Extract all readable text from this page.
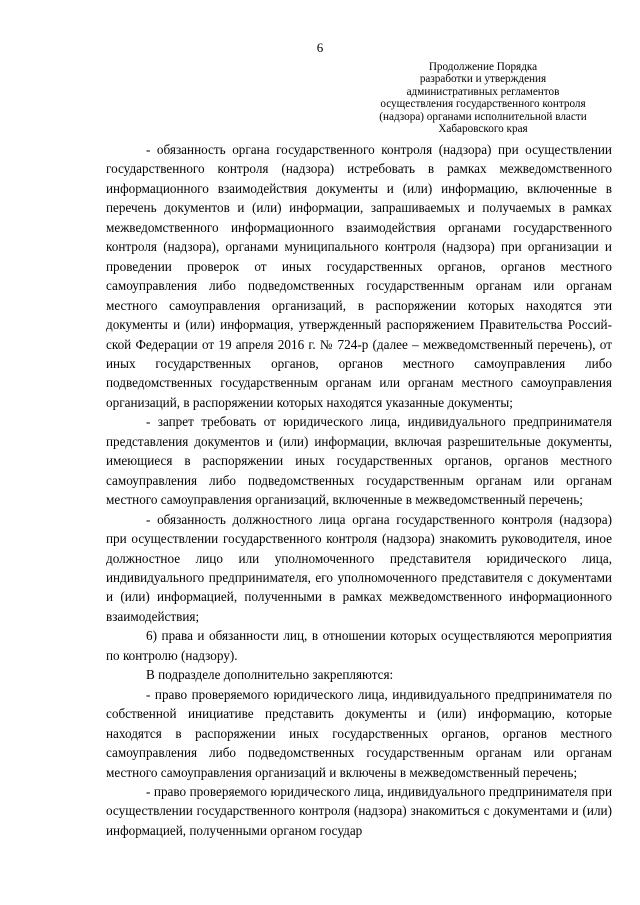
6
Продолжение Порядка
разработки и утверждения
административных регламентов
осуществления государственного контроля
(надзора) органами исполнительной власти
Хабаровского края

- обязанность органа государственного контроля (надзора) при осуществлении государственного контроля (надзора) истребовать в рамках межведомственного информационного взаимодействия документы и (или) информацию, включенные в перечень документов и (или) информации, запрашиваемых и получаемых в рамках межведомственного информационного взаимодействия органами государственного контроля (надзора), органами муниципального контроля (надзора) при организации и проведении проверок от иных государственных органов, органов местного самоуправления либо подведомственных государственным органам или органам местного самоуправления организаций, в распоряжении которых находятся эти документы и (или) информация, утвержденный распоряжением Правительства Российской Федерации от 19 апреля 2016 г. № 724-р (далее – межведомственный перечень), от иных государственных органов, органов местного самоуправления либо подведомственных государственным органам или органам местного самоуправления организаций, в распоряжении которых находятся указанные документы;

- запрет требовать от юридического лица, индивидуального предпринимателя представления документов и (или) информации, включая разрешительные документы, имеющиеся в распоряжении иных государственных органов, органов местного самоуправления либо подведомственных государственным органам или органам местного самоуправления организаций, включенные в межведомственный перечень;

- обязанность должностного лица органа государственного контроля (надзора) при осуществлении государственного контроля (надзора) знакомить руководителя, иное должностное лицо или уполномоченного представителя юридического лица, индивидуального предпринимателя, его уполномоченного представителя с документами и (или) информацией, полученными в рамках межведомственного информационного взаимодействия;

6) права и обязанности лиц, в отношении которых осуществляются мероприятия по контролю (надзору).

В подразделе дополнительно закрепляются:

- право проверяемого юридического лица, индивидуального предпринимателя по собственной инициативе представить документы и (или) информацию, которые находятся в распоряжении иных государственных органов, органов местного самоуправления либо подведомственных государственным органам или органам местного самоуправления организаций и включены в межведомственный перечень;

- право проверяемого юридического лица, индивидуального предпринимателя при осуществлении государственного контроля (надзора) знакомиться с документами и (или) информацией, полученными органом государ
